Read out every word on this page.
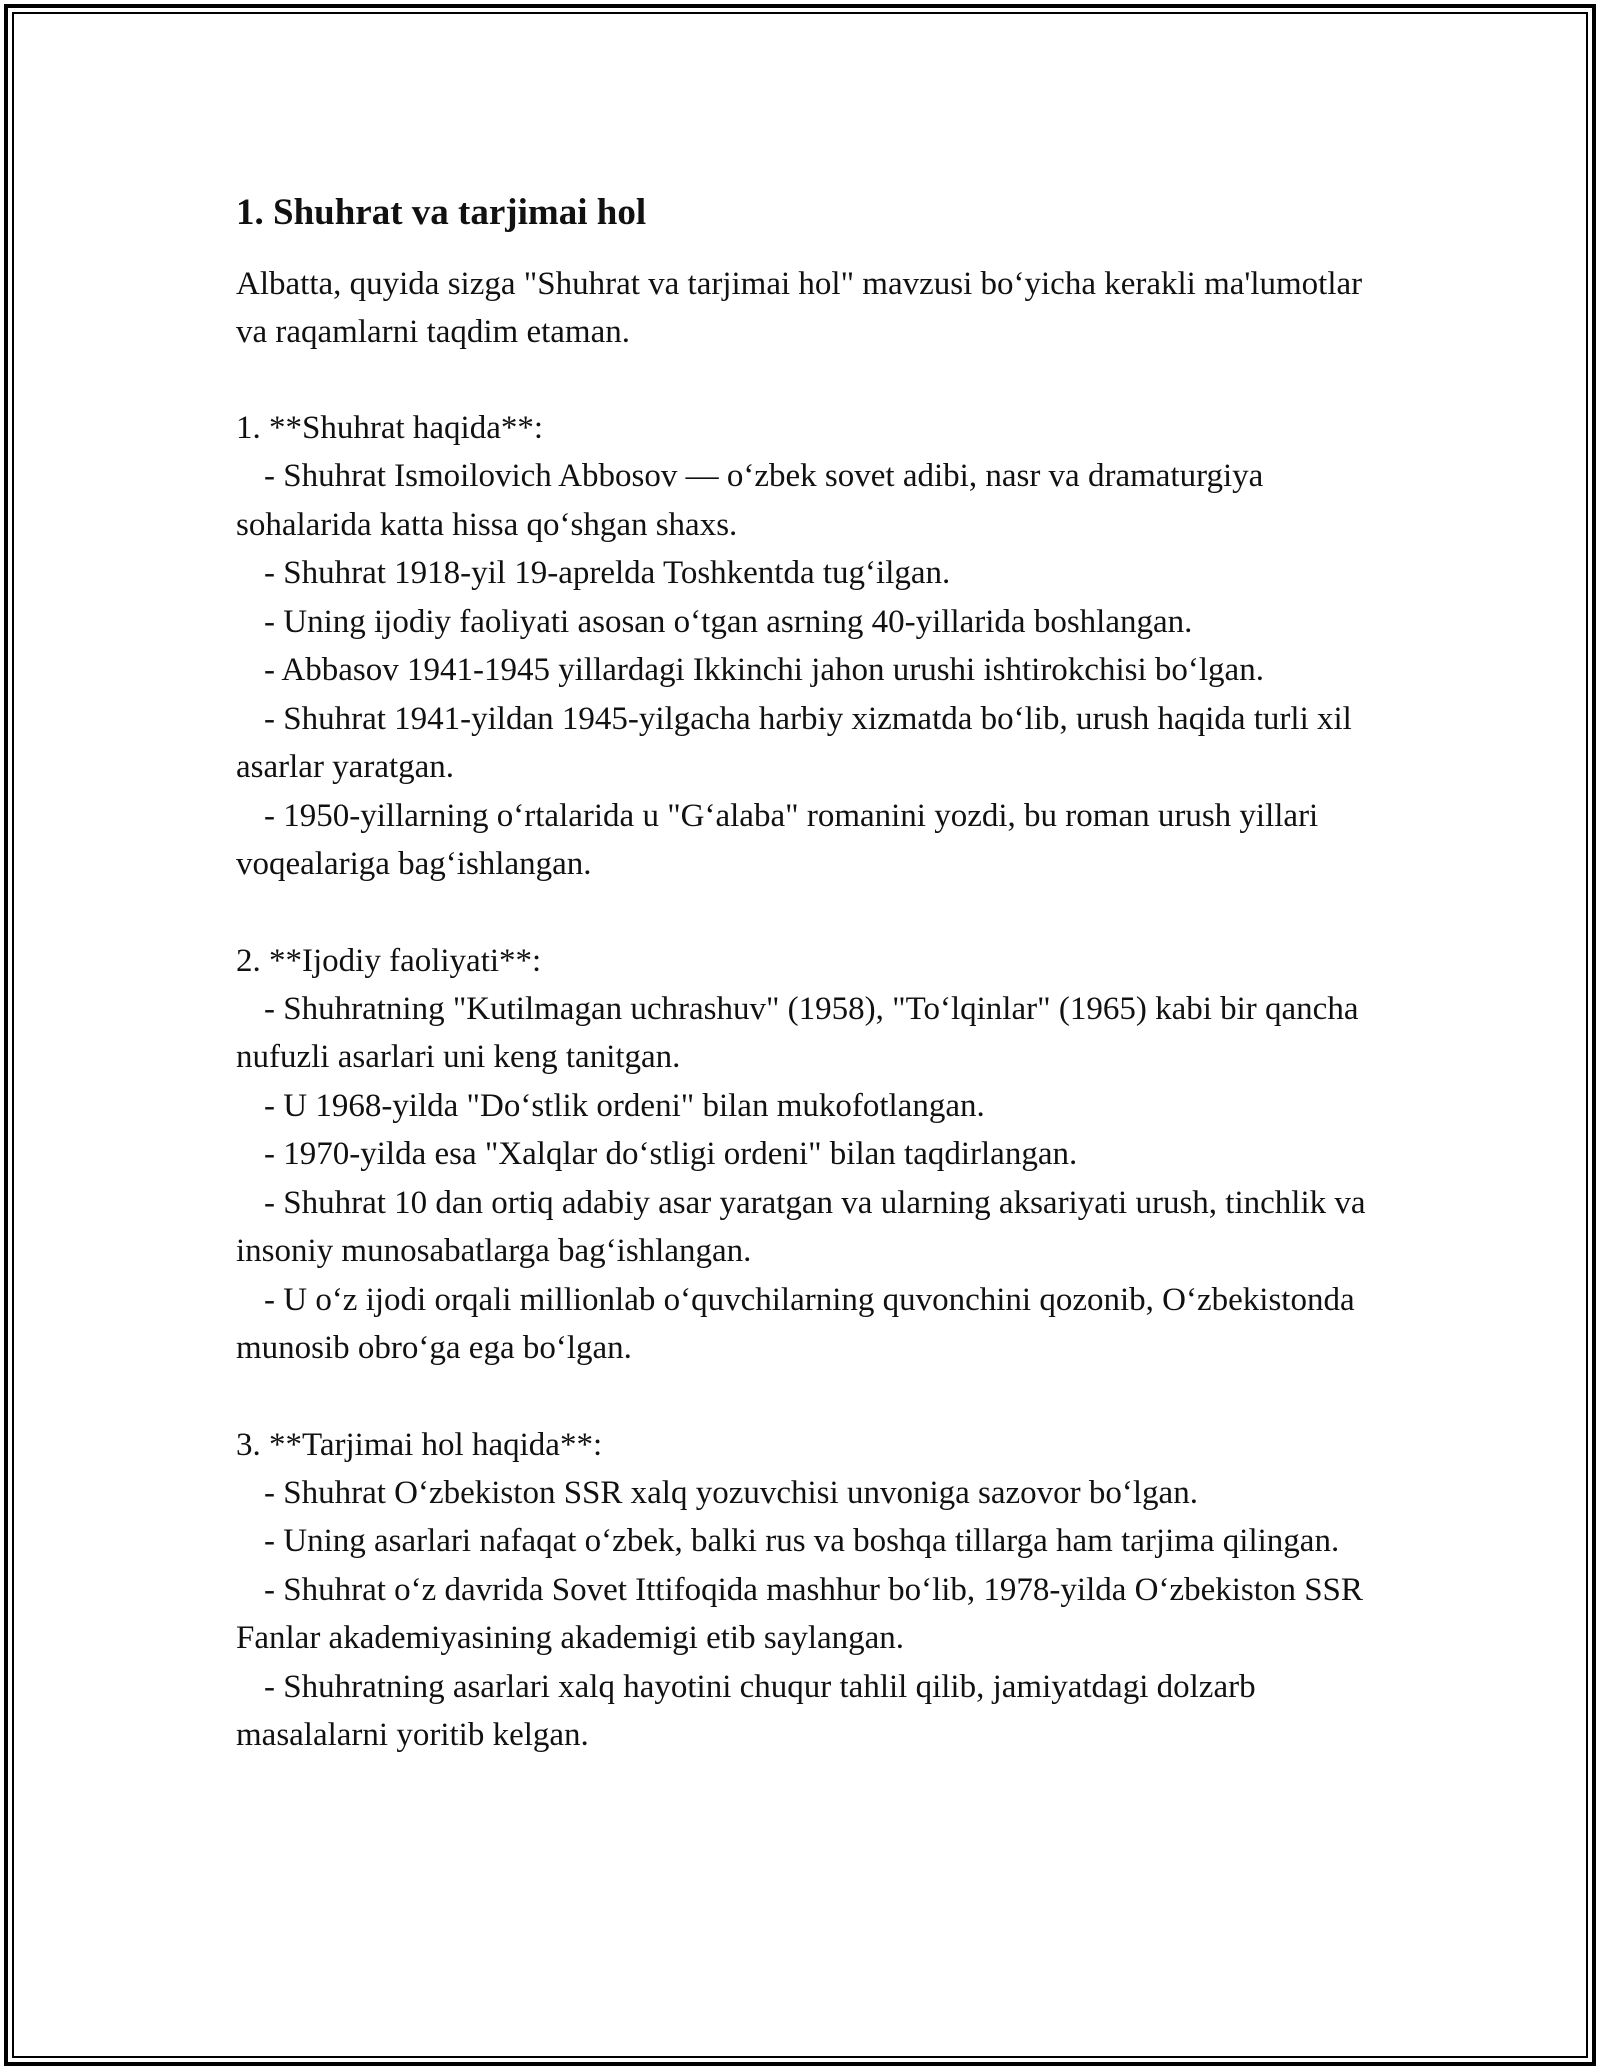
1. Shuhrat va tarjimai hol

Albatta, quyida sizga "Shuhrat va tarjimai hol" mavzusi bo‘yicha kerakli ma'lumotlar va raqamlarni taqdim etaman.

1. **Shuhrat haqida**:

- Shuhrat Ismoilovich Abbosov — o‘zbek sovet adibi, nasr va dramaturgiya sohalarida katta hissa qo‘shgan shaxs.

- Shuhrat 1918-yil 19-aprelda Toshkentda tug‘ilgan.

- Uning ijodiy faoliyati asosan o‘tgan asrning 40-yillarida boshlangan.

- Abbasov 1941-1945 yillardagi Ikkinchi jahon urushi ishtirokchisi bo‘lgan.

- Shuhrat 1941-yildan 1945-yilgacha harbiy xizmatda bo‘lib, urush haqida turli xil asarlar yaratgan.

- 1950-yillarning o‘rtalarida u "G‘alaba" romanini yozdi, bu roman urush yillari voqealariga bag‘ishlangan.

2. **Ijodiy faoliyati**:

- Shuhratning "Kutilmagan uchrashuv" (1958), "To‘lqinlar" (1965) kabi bir qancha nufuzli asarlari uni keng tanitgan.

- U 1968-yilda "Do‘stlik ordeni" bilan mukofotlangan.

- 1970-yilda esa "Xalqlar do‘stligi ordeni" bilan taqdirlangan.

- Shuhrat 10 dan ortiq adabiy asar yaratgan va ularning aksariyati urush, tinchlik va insoniy munosabatlarga bag‘ishlangan.

- U o‘z ijodi orqali millionlab o‘quvchilarning quvonchini qozonib, O‘zbekistonda munosib obro‘ga ega bo‘lgan.

3. **Tarjimai hol haqida**:

- Shuhrat O‘zbekiston SSR xalq yozuvchisi unvoniga sazovor bo‘lgan.

- Uning asarlari nafaqat o‘zbek, balki rus va boshqa tillarga ham tarjima qilingan.

- Shuhrat o‘z davrida Sovet Ittifoqida mashhur bo‘lib, 1978-yilda O‘zbekiston SSR Fanlar akademiyasining akademigi etib saylangan.

- Shuhratning asarlari xalq hayotini chuqur tahlil qilib, jamiyatdagi dolzarb masalalarni yoritib kelgan.
